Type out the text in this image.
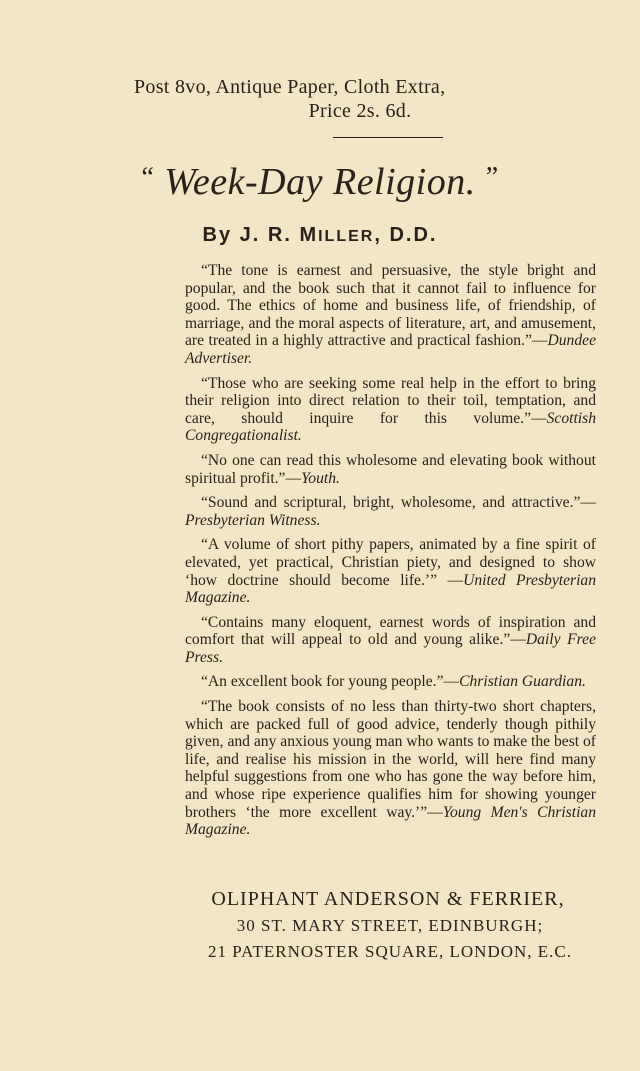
Post 8vo, Antique Paper, Cloth Extra,
Price 2s. 6d.
“ Week-Day Religion. ”
By J. R. MILLER, D.D.

“The tone is earnest and persuasive, the style bright and popular, and the book such that it cannot fail to influence for good. The ethics of home and business life, of friendship, of marriage, and the moral aspects of literature, art, and amusement, are treated in a highly attractive and practical fashion.”—Dundee Advertiser.

“Those who are seeking some real help in the effort to bring their religion into direct relation to their toil, temptation, and care, should inquire for this volume.”—Scottish Congregationalist.

“No one can read this wholesome and elevating book without spiritual profit.”—Youth.

“Sound and scriptural, bright, wholesome, and attractive.”—Presbyterian Witness.

“A volume of short pithy papers, animated by a fine spirit of elevated, yet practical, Christian piety, and designed to show ‘how doctrine should become life.’” —United Presbyterian Magazine.

“Contains many eloquent, earnest words of inspiration and comfort that will appeal to old and young alike.”—Daily Free Press.

“An excellent book for young people.”—Christian Guardian.

“The book consists of no less than thirty-two short chapters, which are packed full of good advice, tenderly though pithily given, and any anxious young man who wants to make the best of life, and realise his mission in the world, will here find many helpful suggestions from one who has gone the way before him, and whose ripe experience qualifies him for showing younger brothers ‘the more excellent way.’”—Young Men's Christian Magazine.

OLIPHANT ANDERSON & FERRIER,
30 ST. MARY STREET, EDINBURGH;
21 PATERNOSTER SQUARE, LONDON, E.C.
